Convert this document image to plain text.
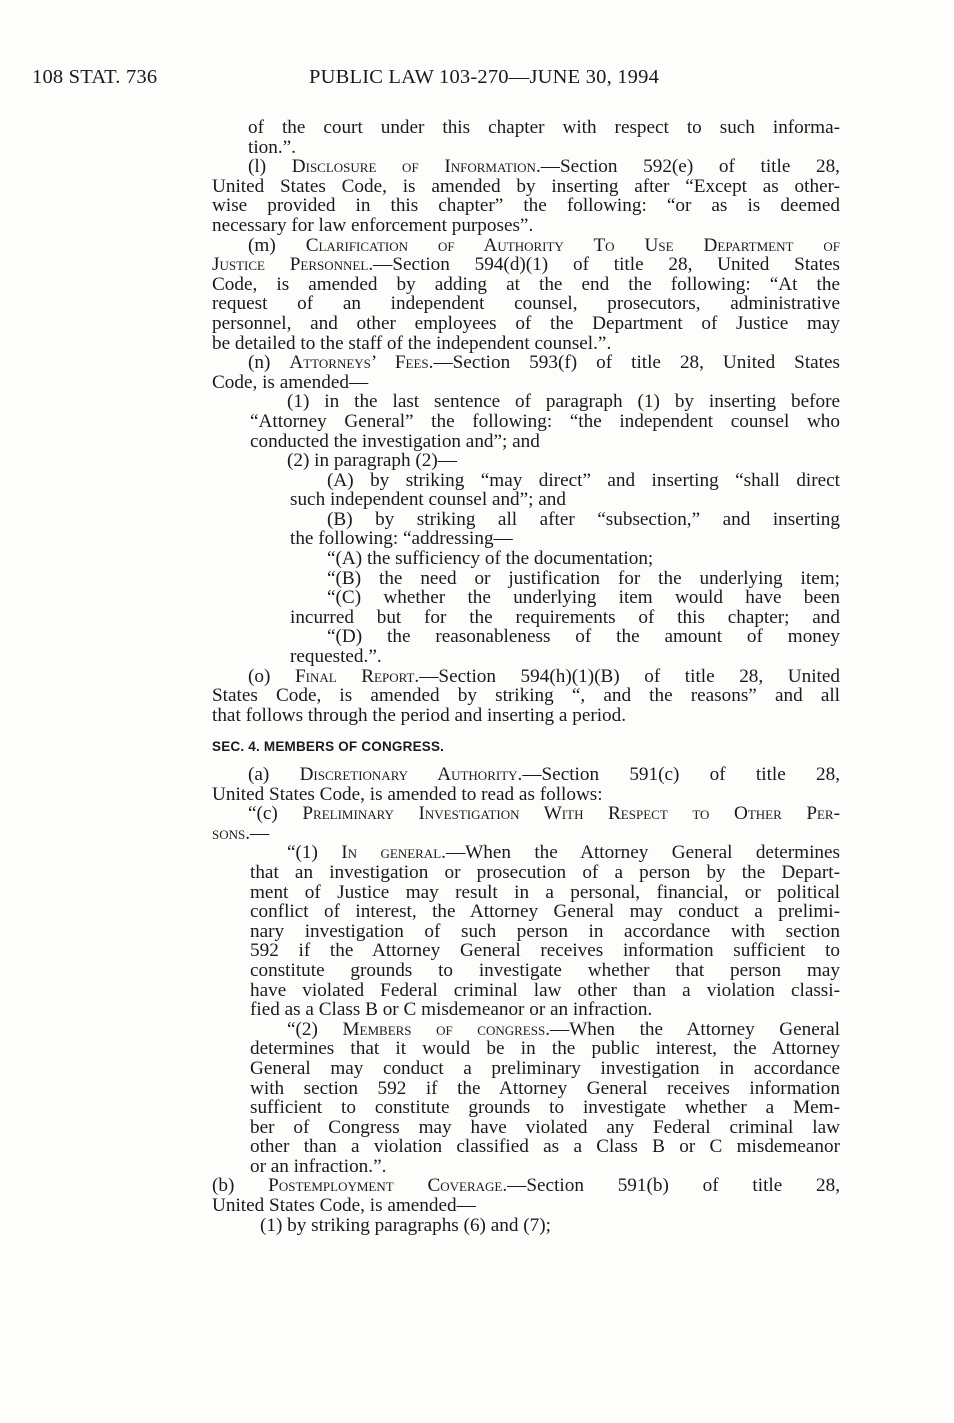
108 STAT. 736	PUBLIC LAW 103-270—JUNE 30, 1994
of the court under this chapter with respect to such informa-
tion.”.
(l) Disclosure of Information.—Section 592(e) of title 28,
United States Code, is amended by inserting after “Except as other-
wise provided in this chapter” the following: “or as is deemed
necessary for law enforcement purposes”.
(m) Clarification of Authority To Use Department of
Justice Personnel.—Section 594(d)(1) of title 28, United States
Code, is amended by adding at the end the following: “At the
request of an independent counsel, prosecutors, administrative
personnel, and other employees of the Department of Justice may
be detailed to the staff of the independent counsel.”.
(n) Attorneys’ Fees.—Section 593(f) of title 28, United States
Code, is amended—
(1) in the last sentence of paragraph (1) by inserting before
“Attorney General” the following: “the independent counsel who
conducted the investigation and”; and
(2) in paragraph (2)—
(A) by striking “may direct” and inserting “shall direct
such independent counsel and”; and
(B) by striking all after “subsection,” and inserting
the following: “addressing—
“(A) the sufficiency of the documentation;
“(B) the need or justification for the underlying item;
“(C) whether the underlying item would have been
incurred but for the requirements of this chapter; and
“(D) the reasonableness of the amount of money
requested.”.
(o) Final Report.—Section 594(h)(1)(B) of title 28, United
States Code, is amended by striking “, and the reasons” and all
that follows through the period and inserting a period.
SEC. 4. MEMBERS OF CONGRESS.
(a) Discretionary Authority.—Section 591(c) of title 28,
United States Code, is amended to read as follows:
“(c) Preliminary Investigation With Respect to Other Per-
sons.—
“(1) In general.—When the Attorney General determines
that an investigation or prosecution of a person by the Depart-
ment of Justice may result in a personal, financial, or political
conflict of interest, the Attorney General may conduct a prelimi-
nary investigation of such person in accordance with section
592 if the Attorney General receives information sufficient to
constitute grounds to investigate whether that person may
have violated Federal criminal law other than a violation classi-
fied as a Class B or C misdemeanor or an infraction.
“(2) Members of congress.—When the Attorney General
determines that it would be in the public interest, the Attorney
General may conduct a preliminary investigation in accordance
with section 592 if the Attorney General receives information
sufficient to constitute grounds to investigate whether a Mem-
ber of Congress may have violated any Federal criminal law
other than a violation classified as a Class B or C misdemeanor
or an infraction.”.
(b) Postemployment Coverage.—Section 591(b) of title 28,
United States Code, is amended—
(1) by striking paragraphs (6) and (7);
